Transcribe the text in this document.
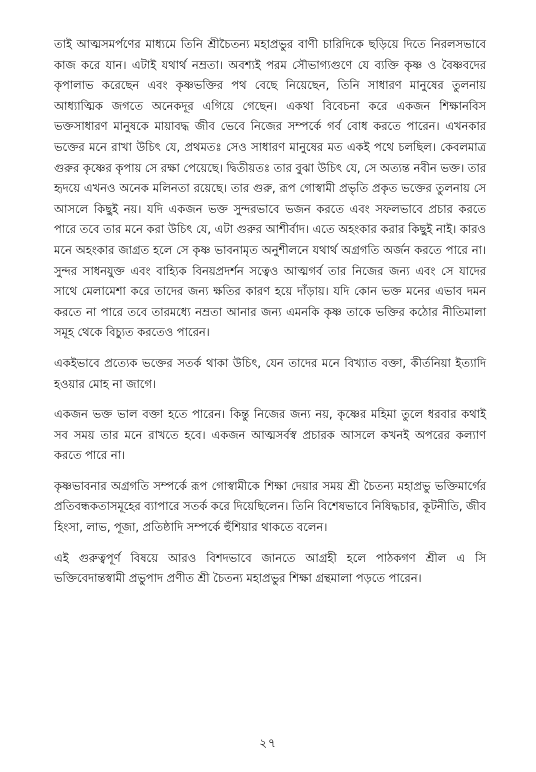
তাই আত্মসমর্পণের মাধ্যমে তিনি শ্রীচৈতন্য মহাপ্রভুর বাণী চারিদিকে ছড়িয়ে দিতে নিরলসভাবে কাজ করে যান। এটাই যথার্থ নম্রতা। অবশ্যই পরম সৌভাগ্যগুণে যে ব্যক্তি কৃষ্ণ ও বৈষ্ণবদের কৃপালাভ করেছেন এবং কৃষ্ণভক্তির পথ বেছে নিয়েছেন, তিনি সাধারণ মানুষের তুলনায় আধ্যাত্মিক জগতে অনেকদূর এগিয়ে গেছেন। একথা বিবেচনা করে একজন শিক্ষানবিস ভক্তসাধারণ মানুষকে মায়াবদ্ধ জীব ভেবে নিজের সম্পর্কে গর্ব বোধ করতে পারেন। এখনকার ভক্তের মনে রাখা উচিৎ যে, প্রথমতঃ সেও সাধারণ মানুষের মত একই পথে চলছিল। কেবলমাত্র গুরুর কৃষ্ণের কৃপায় সে রক্ষা পেয়েছে। দ্বিতীয়তঃ তার বুঝা উচিৎ যে, সে অত্যন্ত নবীন ভক্ত। তার হৃদয়ে এখনও অনেক মলিনতা রয়েছে। তার গুরু, রূপ গোস্বামী প্রভৃতি প্রকৃত ভক্তের তুলনায় সে আসলে কিছুই নয়। যদি একজন ভক্ত সুন্দরভাবে ভজন করতে এবং সফলভাবে প্রচার করতে পারে তবে তার মনে করা উচিৎ যে, এটা গুরুর আশীর্বাদ। এতে অহংকার করার কিছুই নাই। কারও মনে অহংকার জাগ্রত হলে সে কৃষ্ণ ভাবনামৃত অনুশীলনে যথার্থ অগ্রগতি অর্জন করতে পারে না। সুন্দর সাধনযুক্ত এবং বাহ্যিক বিনয়প্রদর্শন সত্বেও আত্মগর্ব তার নিজের জন্য এবং সে যাদের সাথে মেলামেশা করে তাদের জন্য ক্ষতির কারণ হয়ে দাঁড়ায়। যদি কোন ভক্ত মনের এভাব দমন করতে না পারে তবে তারমধ্যে নম্রতা আনার জন্য এমনকি কৃষ্ণ তাকে ভক্তির কঠোর নীতিমালা সমূহ থেকে বিচ্যুত করতেও পারেন।

একইভাবে প্রত্যেক ভক্তের সতর্ক থাকা উচিৎ, যেন তাদের মনে বিখ্যাত বক্তা, কীর্তনিয়া ইত্যাদি হওয়ার মোহ না জাগে।

একজন ভক্ত ভাল বক্তা হতে পারেন। কিন্তু নিজের জন্য নয়, কৃষ্ণের মহিমা তুলে ধরবার কথাই সব সময় তার মনে রাখতে হবে। একজন আত্মসর্বস্ব প্রচারক আসলে কখনই অপরের কল্যাণ করতে পারে না।

কৃষ্ণভাবনার অগ্রগতি সম্পর্কে রূপ গোস্বামীকে শিক্ষা দেয়ার সময় শ্রী চৈতন্য মহাপ্রভু ভক্তিমার্গের প্রতিবন্ধকতাসমূহের ব্যাপারে সতর্ক করে দিয়েছিলেন। তিনি বিশেষভাবে নিষিদ্ধচার, কূটনীতি, জীব হিংসা, লাভ, পূজা, প্রতিষ্ঠাদি সম্পর্কে হুঁশিয়ার থাকতে বলেন।

এই গুরুত্বপূর্ণ বিষয়ে আরও বিশদভাবে জানতে আগ্রহী হলে পাঠকগণ শ্রীল এ সি ভক্তিবেদান্তস্বামী প্রভুপাদ প্রণীত শ্রী চৈতন্য মহাপ্রভুর শিক্ষা গ্রন্থমালা পড়তে পারেন।

২৭
